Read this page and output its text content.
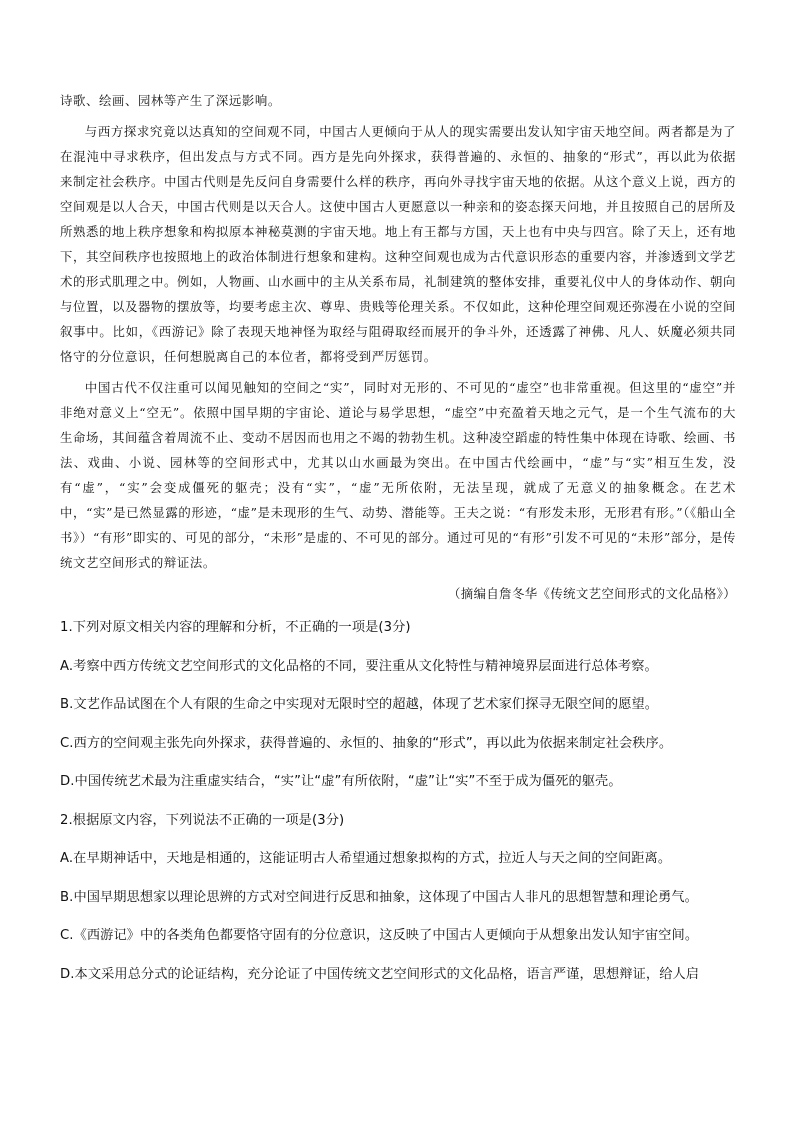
诗歌、绘画、园林等产生了深远影响。

与西方探求究竟以达真知的空间观不同，中国古人更倾向于从人的现实需要出发认知宇宙天地空间。两者都是为了在混沌中寻求秩序，但出发点与方式不同。西方是先向外探求，获得普遍的、永恒的、抽象的“形式”，再以此为依据来制定社会秩序。中国古代则是先反问自身需要什么样的秩序，再向外寻找宇宙天地的依据。从这个意义上说，西方的空间观是以人合天，中国古代则是以天合人。这使中国古人更愿意以一种亲和的姿态探天问地，并且按照自己的居所及所熟悉的地上秩序想象和构拟原本神秘莫测的宇宙天地。地上有王都与方国，天上也有中央与四宫。除了天上，还有地下，其空间秩序也按照地上的政治体制进行想象和建构。这种空间观也成为古代意识形态的重要内容，并渗透到文学艺术的形式肌理之中。例如，人物画、山水画中的主从关系布局，礼制建筑的整体安排，重要礼仪中人的身体动作、朝向与位置，以及器物的摆放等，均要考虑主次、尊卑、贵贱等伦理关系。不仅如此，这种伦理空间观还弥漫在小说的空间叙事中。比如，《西游记》除了表现天地神怪为取经与阻碍取经而展开的争斗外，还透露了神佛、凡人、妖魔必须共同恪守的分位意识，任何想脱离自己的本位者，都将受到严厉惩罚。

中国古代不仅注重可以闻见触知的空间之“实”，同时对无形的、不可见的“虚空”也非常重视。但这里的“虚空”并非绝对意义上“空无”。依照中国早期的宇宙论、道论与易学思想，“虚空”中充盈着天地之元气，是一个生气流布的大生命场，其间蕴含着周流不止、变动不居因而也用之不竭的勃勃生机。这种凌空蹈虚的特性集中体现在诗歌、绘画、书法、戏曲、小说、园林等的空间形式中，尤其以山水画最为突出。在中国古代绘画中，“虚”与“实”相互生发，没有“虚”，“实”会变成僵死的躯壳；没有“实”，“虚”无所依附，无法呈现，就成了无意义的抽象概念。在艺术中，“实”是已然显露的形迹，“虚”是未现形的生气、动势、潜能等。王夫之说：“有形发未形，无形君有形。”（《船山全书》）“有形”即实的、可见的部分，“未形”是虚的、不可见的部分。通过可见的“有形”引发不可见的“未形”部分，是传统文艺空间形式的辩证法。

（摘编自詹冬华《传统文艺空间形式的文化品格》）
1.下列对原文相关内容的理解和分析，不正确的一项是(3分)
A.考察中西方传统文艺空间形式的文化品格的不同，要注重从文化特性与精神境界层面进行总体考察。
B.文艺作品试图在个人有限的生命之中实现对无限时空的超越，体现了艺术家们探寻无限空间的愿望。
C.西方的空间观主张先向外探求，获得普遍的、永恒的、抽象的“形式”，再以此为依据来制定社会秩序。
D.中国传统艺术最为注重虚实结合，“实”让“虚”有所依附，“虚”让“实”不至于成为僵死的躯壳。
2.根据原文内容，下列说法不正确的一项是(3分)
A.在早期神话中，天地是相通的，这能证明古人希望通过想象拟构的方式，拉近人与天之间的空间距离。
B.中国早期思想家以理论思辨的方式对空间进行反思和抽象，这体现了中国古人非凡的思想智慧和理论勇气。
C.《西游记》中的各类角色都要恪守固有的分位意识，这反映了中国古人更倾向于从想象出发认知宇宙空间。
D.本文采用总分式的论证结构，充分论证了中国传统文艺空间形式的文化品格，语言严谨，思想辩证，给人启
